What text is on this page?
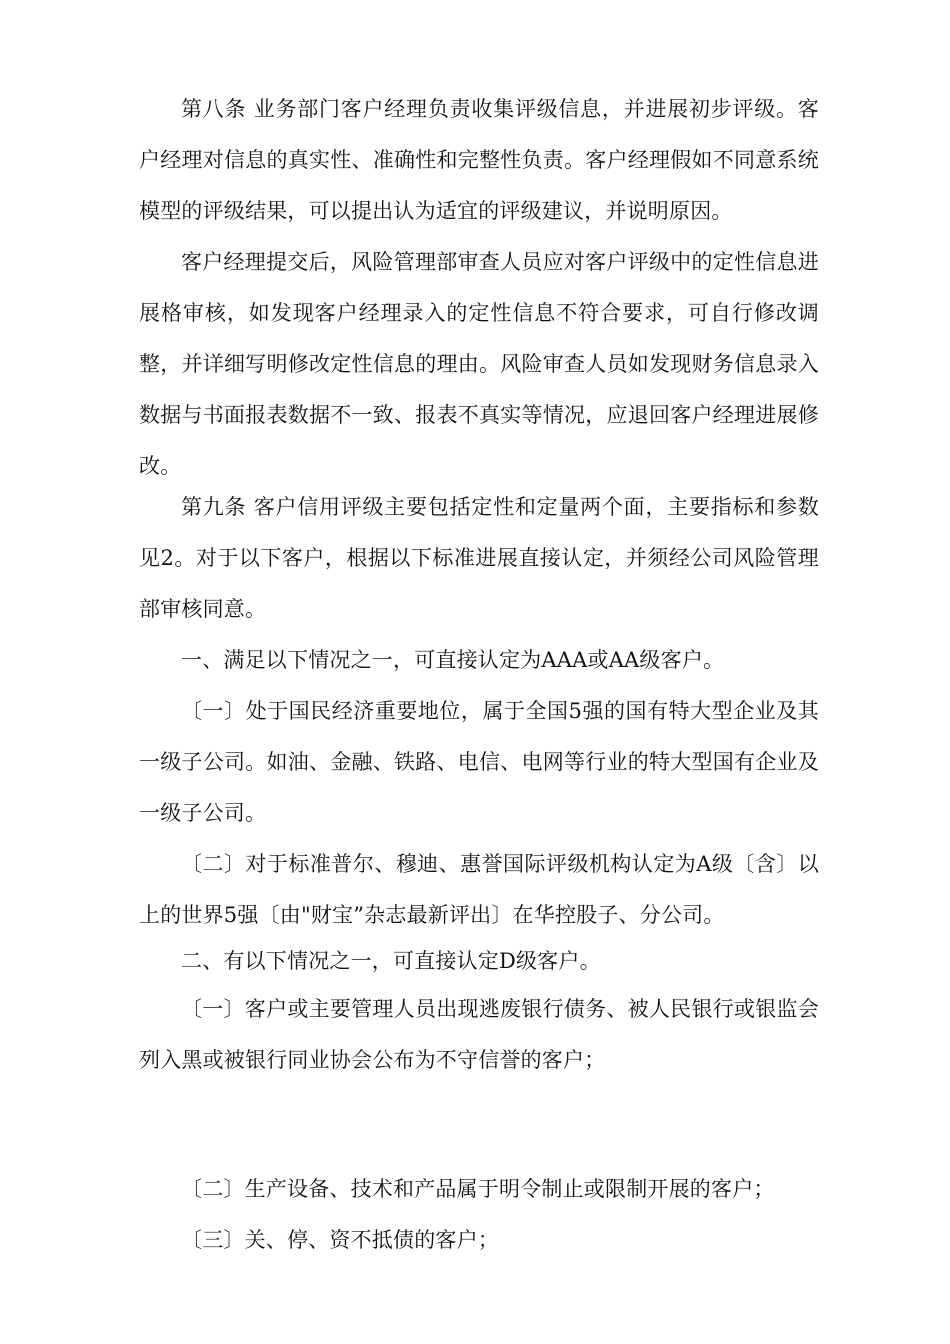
第八条 业务部门客户经理负责收集评级信息，并进展初步评级。客户经理对信息的真实性、准确性和完整性负责。客户经理假如不同意系统模型的评级结果，可以提出认为适宜的评级建议，并说明原因。

客户经理提交后，风险管理部审查人员应对客户评级中的定性信息进展格审核，如发现客户经理录入的定性信息不符合要求，可自行修改调整，并详细写明修改定性信息的理由。风险审查人员如发现财务信息录入数据与书面报表数据不一致、报表不真实等情况，应退回客户经理进展修改。

第九条 客户信用评级主要包括定性和定量两个面，主要指标和参数见2。对于以下客户，根据以下标准进展直接认定，并须经公司风险管理部审核同意。

一、满足以下情况之一，可直接认定为AAA或AA级客户。

〔一〕处于国民经济重要地位，属于全国5强的国有特大型企业及其一级子公司。如油、金融、铁路、电信、电网等行业的特大型国有企业及一级子公司。

〔二〕对于标准普尔、穆迪、惠誉国际评级机构认定为A级〔含〕以上的世界5强〔由"财宝”杂志最新评出〕在华控股子、分公司。

二、有以下情况之一，可直接认定D级客户。

〔一〕客户或主要管理人员出现逃废银行债务、被人民银行或银监会列入黑或被银行同业协会公布为不守信誉的客户；

〔二〕生产设备、技术和产品属于明令制止或限制开展的客户；

〔三〕关、停、资不抵债的客户；
